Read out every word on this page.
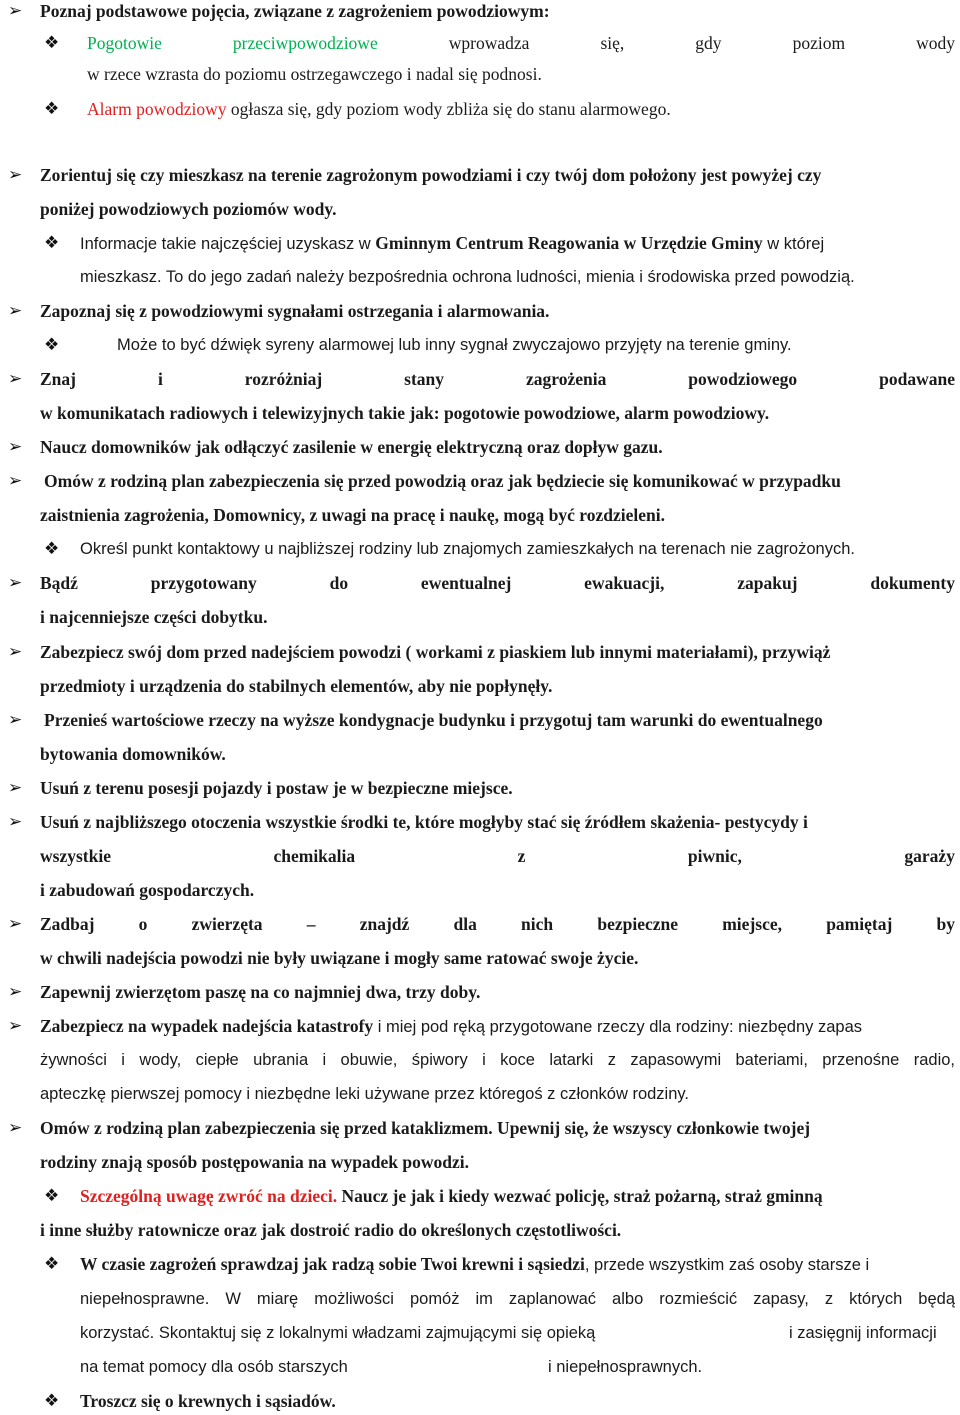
➢	Poznaj podstawowe pojęcia, związane z zagrożeniem powodziowym:
❖ Pogotowie	przeciwpowodziowe	wprowadza	się,	gdy	poziom	wody
w rzece wzrasta do poziomu ostrzegawczego i nadal się podnosi.
❖ Alarm powodziowy ogłasza się, gdy poziom wody zbliża się do stanu alarmowego.
➢	Zorientuj się czy mieszkasz na terenie zagrożonym powodziami i czy twój dom położony jest powyżej czy
poniżej powodziowych poziomów wody.
❖ Informacje takie najczęściej uzyskasz w Gminnym Centrum Reagowania w Urzędzie Gminy w której
mieszkasz. To do jego zadań należy bezpośrednia ochrona ludności, mienia i środowiska przed powodzią.
➢	Zapoznaj się z powodziowymi sygnałami ostrzegania i alarmowania.
❖	Może to być dźwięk syreny alarmowej lub inny sygnał zwyczajowo przyjęty na terenie gminy.
➢	Znaj	i	rozróżniaj	stany	zagrożenia	powodziowego	podawane
w komunikatach radiowych i telewizyjnych takie jak: pogotowie powodziowe, alarm powodziowy.
➢	Naucz domowników jak odłączyć zasilenie w energię elektryczną oraz dopływ gazu.
➢	Omów z rodziną plan zabezpieczenia się przed powodzią oraz jak będziecie się komunikować w przypadku
zaistnienia zagrożenia, Domownicy, z uwagi na pracę i naukę, mogą być rozdzieleni.
❖ Określ punkt kontaktowy u najbliższej rodziny lub znajomych zamieszkałych na terenach nie zagrożonych.
➢	Bądź	przygotowany	do	ewentualnej	ewakuacji,	zapakuj	dokumenty
i najcenniejsze części dobytku.
➢	Zabezpiecz swój dom przed nadejściem powodzi ( workami z piaskiem lub innymi materiałami), przywiąż
przedmioty i urządzenia do stabilnych elementów, aby nie popłynęły.
➢	Przenieś wartościowe rzeczy na wyższe kondygnacje budynku i przygotuj tam warunki do ewentualnego
bytowania domowników.
➢	Usuń z terenu posesji pojazdy i postaw je w bezpieczne miejsce.
➢	Usuń z najbliższego otoczenia wszystkie środki te, które mogłyby stać się źródłem skażenia- pestycydy i
wszystkie	chemikalia	z	piwnic,	garaży
i zabudowań gospodarczych.
➢	Zadbaj	o	zwierzęta	–	znajdź	dla	nich	bezpieczne	miejsce,	pamiętaj	by
w chwili nadejścia powodzi nie były uwiązane i mogły same ratować swoje życie.
➢	Zapewnij zwierzętom paszę na co najmniej dwa, trzy doby.
➢	Zabezpiecz na wypadek nadejścia katastrofy i miej pod ręką przygotowane rzeczy dla rodziny: niezbędny zapas
żywności i wody, ciepłe ubrania i obuwie, śpiwory i koce latarki z zapasowymi bateriami, przenośne radio,
apteczkę pierwszej pomocy i niezbędne leki używane przez któregoś z członków rodziny.
➢	Omów z rodziną plan zabezpieczenia się przed kataklizmem. Upewnij się, że wszyscy członkowie twojej
rodziny znają sposób postępowania na wypadek powodzi.
❖ Szczególną uwagę zwróć na dzieci. Naucz je jak i kiedy wezwać policję, straż pożarną, straż gminną
i inne służby ratownicze oraz jak dostroić radio do określonych częstotliwości.
❖ W czasie zagrożeń sprawdzaj jak radzą sobie Twoi krewni i sąsiedzi, przede wszystkim zaś osoby starsze i
niepełnosprawne. W miarę możliwości pomóż im zaplanować albo rozmieścić zapasy, z których będą
korzystać. Skontaktuj się z lokalnymi władzami zajmującymi się opieką	i zasięgnij informacji
na temat pomocy dla osób starszych	i niepełnosprawnych.
❖ Troszcz się o krewnych i sąsiadów.
